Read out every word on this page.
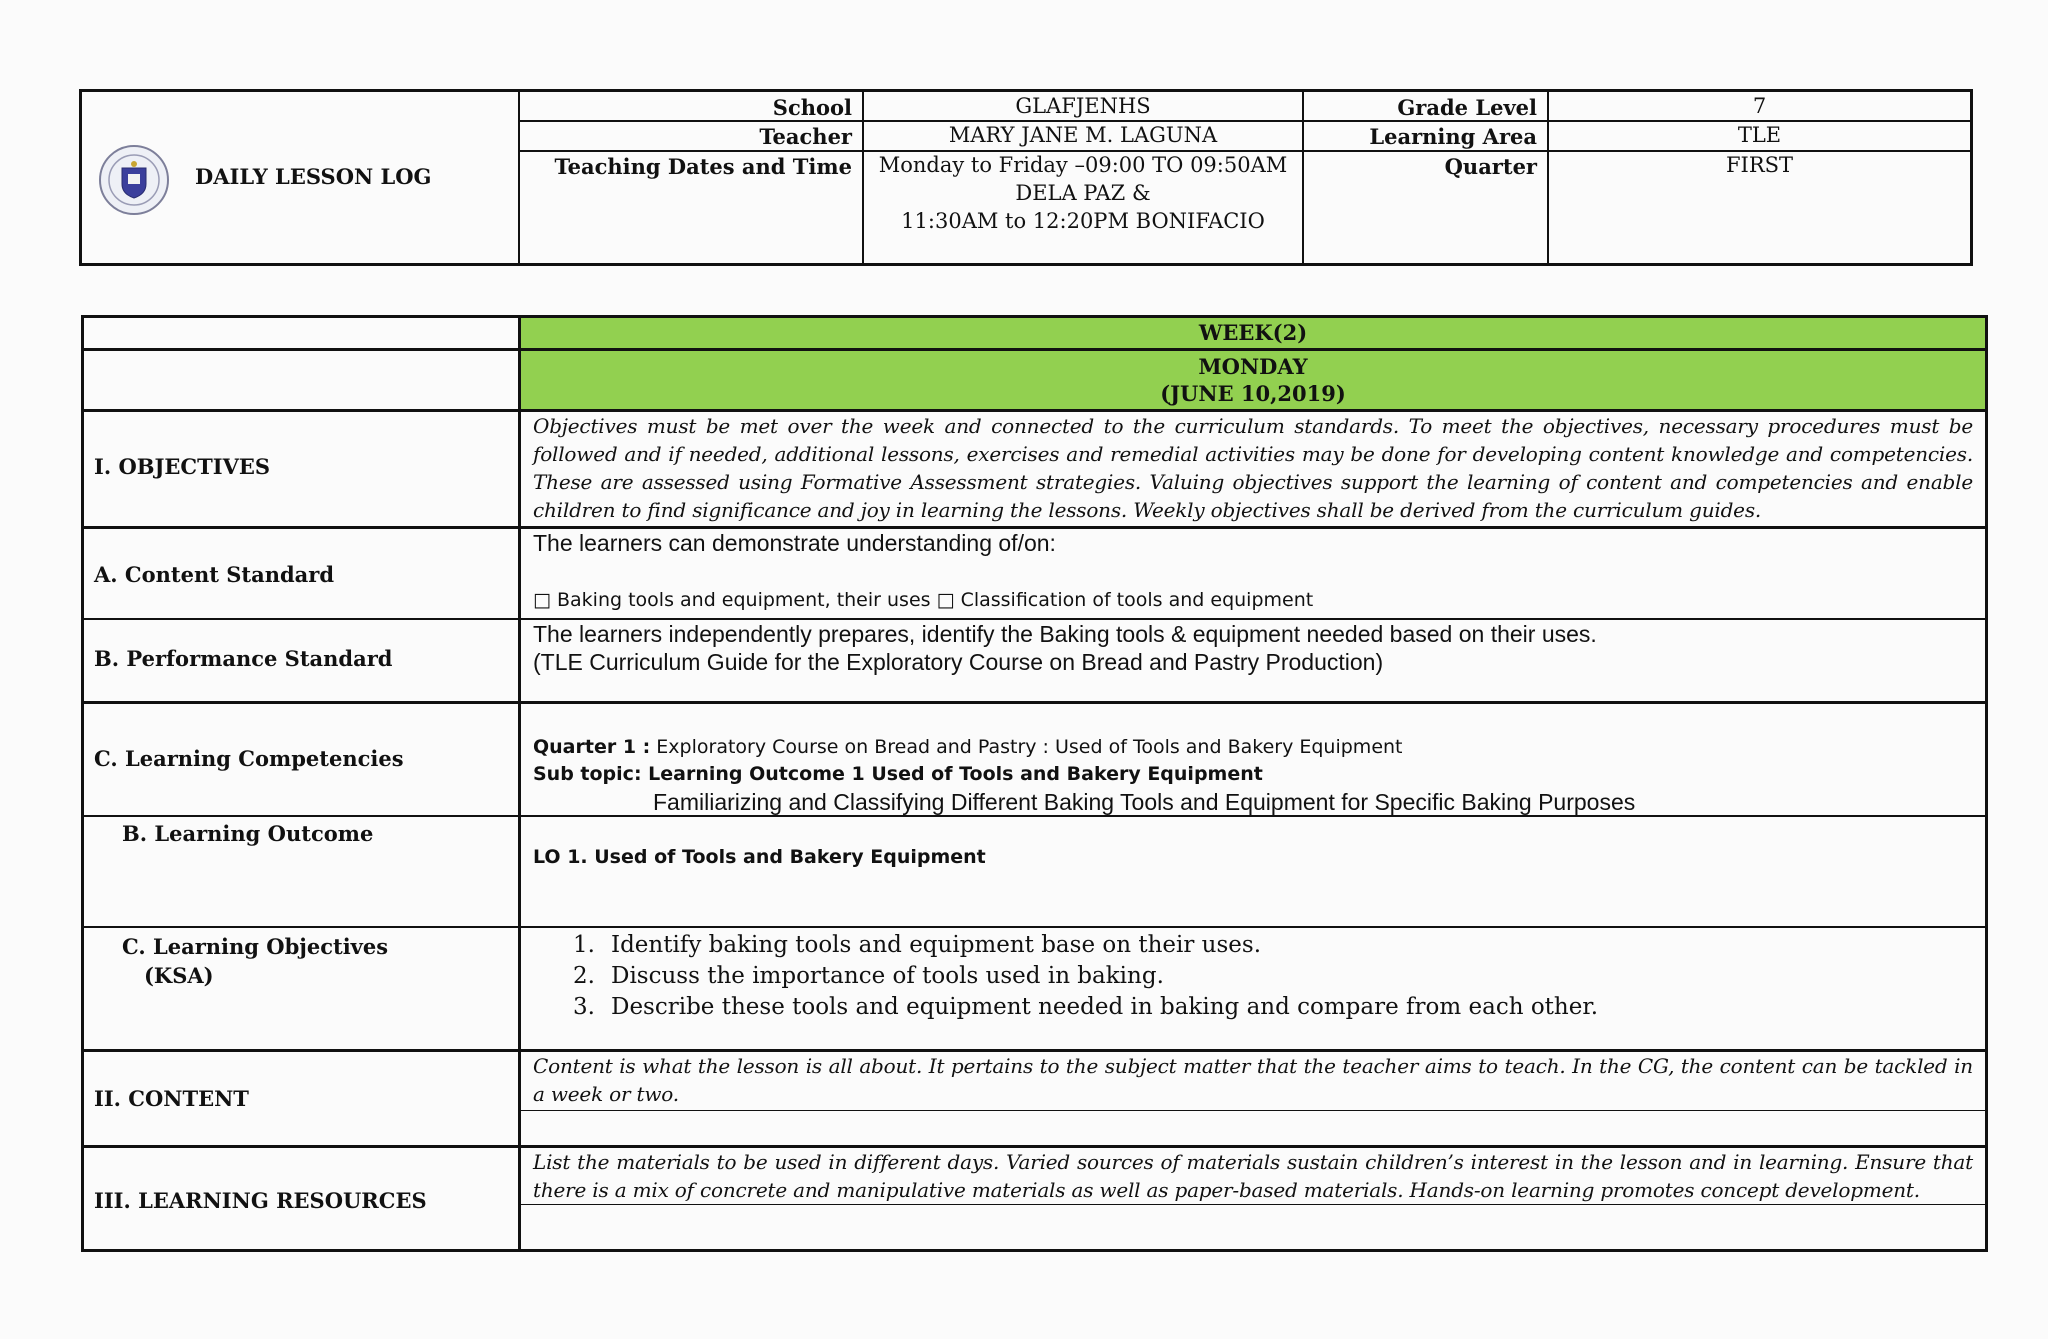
DAILY LESSON LOG
School	GLAFJENHS	Grade Level	7
Teacher	MARY JANE M. LAGUNA	Learning Area	TLE
Teaching Dates and Time	Monday to Friday –09:00 TO 09:50AM
DELA PAZ &
11:30AM to 12:20PM BONIFACIO
Quarter	FIRST
WEEK(2)
MONDAY
(JUNE 10,2019)
I. OBJECTIVES
Objectives must be met over the week and connected to the curriculum standards. To meet the objectives, necessary procedures must be followed and if needed, additional lessons, exercises and remedial activities may be done for developing content knowledge and competencies. These are assessed using Formative Assessment strategies. Valuing objectives support the learning of content and competencies and enable children to find significance and joy in learning the lessons. Weekly objectives shall be derived from the curriculum guides.
A. Content Standard
The learners can demonstrate understanding of/on:
□ Baking tools and equipment, their uses □ Classification of tools and equipment
B. Performance Standard
The learners independently prepares, identify the Baking tools & equipment needed based on their uses.
(TLE Curriculum Guide for the Exploratory Course on Bread and Pastry Production)
C. Learning Competencies	Quarter 1 : Exploratory Course on Bread and Pastry : Used of Tools and Bakery Equipment
Sub topic: Learning Outcome 1 Used of Tools and Bakery Equipment
Familiarizing and Classifying Different Baking Tools and Equipment for Specific Baking Purposes
B. Learning Outcome
LO 1. Used of Tools and Bakery Equipment
C. Learning Objectives
(KSA)
1. Identify baking tools and equipment base on their uses.
2. Discuss the importance of tools used in baking.
3. Describe these tools and equipment needed in baking and compare from each other.
II. CONTENT
Content is what the lesson is all about. It pertains to the subject matter that the teacher aims to teach. In the CG, the content can be tackled in a week or two.
III. LEARNING RESOURCES
List the materials to be used in different days. Varied sources of materials sustain children’s interest in the lesson and in learning. Ensure that there is a mix of concrete and manipulative materials as well as paper-based materials. Hands-on learning promotes concept development.
